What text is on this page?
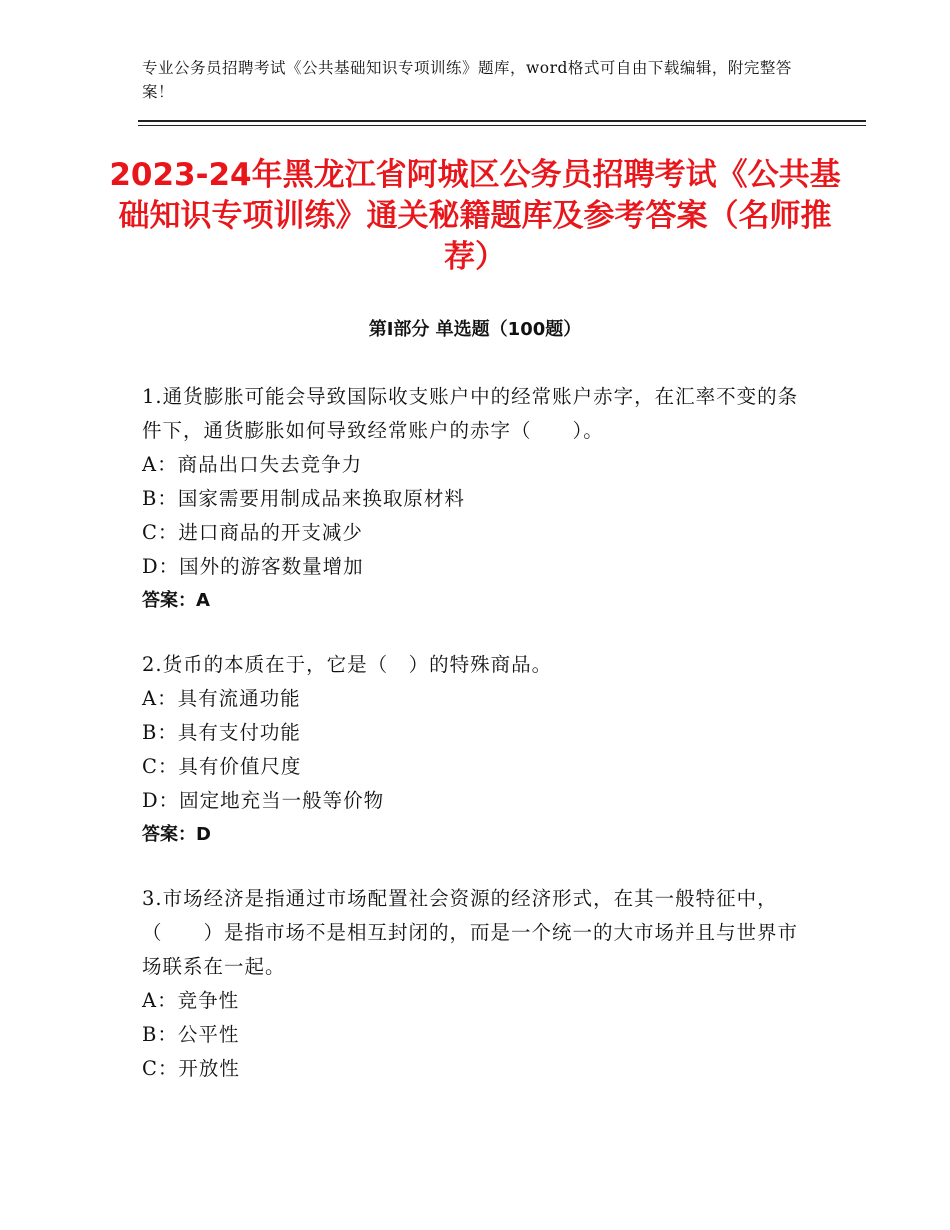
专业公务员招聘考试《公共基础知识专项训练》题库，word格式可自由下载编辑，附完整答案！
2023-24年黑龙江省阿城区公务员招聘考试《公共基础知识专项训练》通关秘籍题库及参考答案（名师推荐）
第Ⅰ部分 单选题（100题）

1.通货膨胀可能会导致国际收支账户中的经常账户赤字，在汇率不变的条件下，通货膨胀如何导致经常账户的赤字（　　）。

A：商品出口失去竞争力

B：国家需要用制成品来换取原材料

C：进口商品的开支减少

D：国外的游客数量增加

答案：A

2.货币的本质在于，它是（　）的特殊商品。

A：具有流通功能

B：具有支付功能

C：具有价值尺度

D：固定地充当一般等价物

答案：D

3.市场经济是指通过市场配置社会资源的经济形式，在其一般特征中，（　　）是指市场不是相互封闭的，而是一个统一的大市场并且与世界市场联系在一起。

A：竞争性

B：公平性

C：开放性
